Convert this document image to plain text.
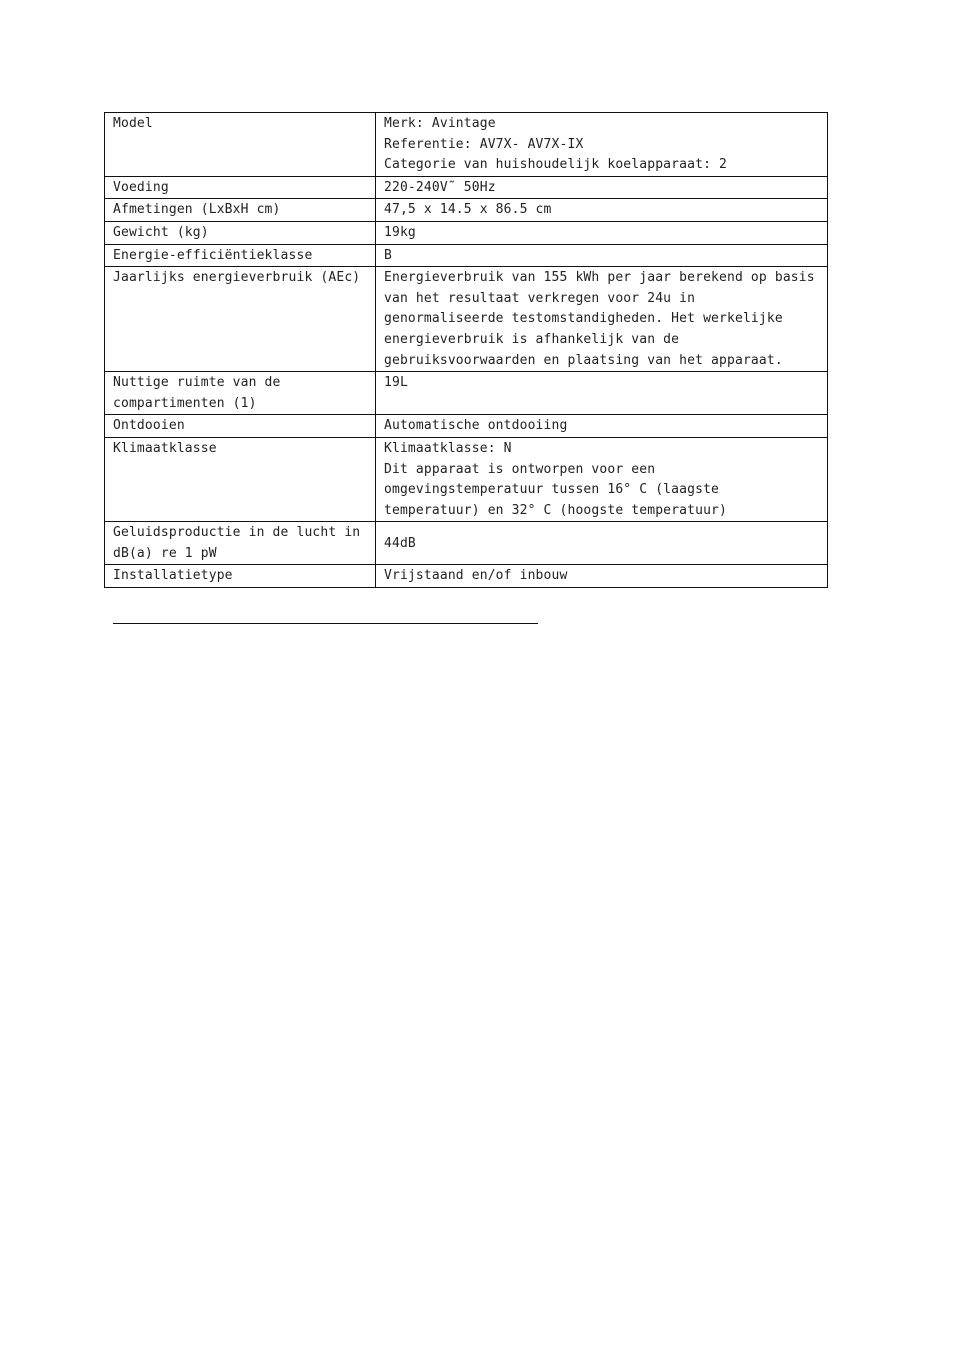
Model	Merk: Avintage
Referentie: AV7X- AV7X-IX
Categorie van huishoudelijk koelapparaat: 2
Voeding	220-240V˜ 50Hz
Afmetingen (LxBxH cm)	47,5 x 14.5 x 86.5 cm
Gewicht (kg)	19kg
Energie-efficiëntieklasse	B
Jaarlijks energieverbruik (AEc)	Energieverbruik van 155 kWh per jaar berekend op basis van het resultaat verkregen voor 24u in genormaliseerde testomstandigheden. Het werkelijke energieverbruik is afhankelijk van de gebruiksvoorwaarden en plaatsing van het apparaat.
Nuttige ruimte van de compartimenten (1)	19L
Ontdooien	Automatische ontdooiing
Klimaatklasse	Klimaatklasse: N
Dit apparaat is ontworpen voor een omgevingstemperatuur tussen 16° C (laagste temperatuur) en 32° C (hoogste temperatuur)
Geluidsproductie in de lucht in dB(a) re 1 pW	44dB
Installatietype	Vrijstaand en/of inbouw
